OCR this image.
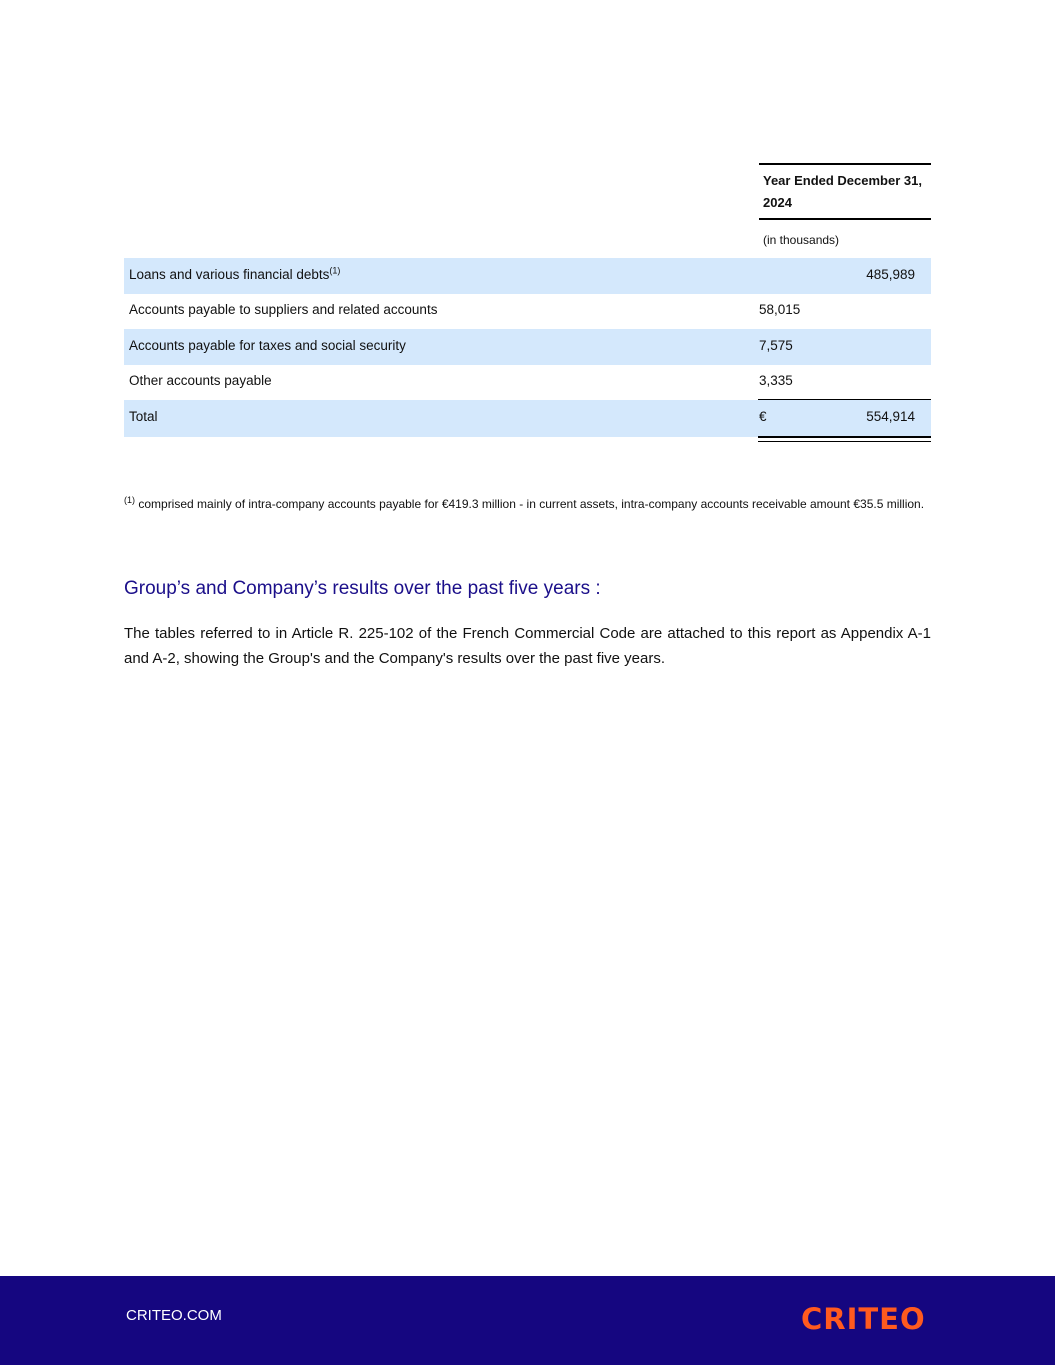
Year Ended December 31, 2024
(in thousands)
Loans and various financial debts$^{(1)}$	485,989
Accounts payable to suppliers and related accounts	58,015
Accounts payable for taxes and social security	7,575
Other accounts payable	3,335
Total	€	554,914
$^{(1)}$ comprised mainly of intra-company accounts payable for €419.3 million - in current assets, intra-company accounts receivable amount €35.5 million.
Group’s and Company’s results over the past five years :
The tables referred to in Article R. 225-102 of the French Commercial Code are attached to this report as Appendix A-1 and A-2, showing the Group's and the Company's results over the past five years.
CRITEO.COM	CRITEO
